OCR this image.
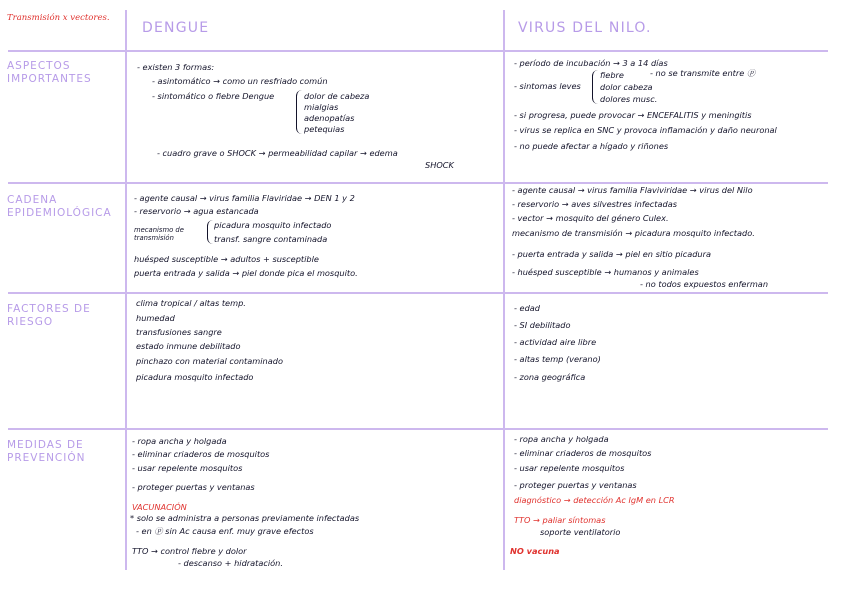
Transmisión x vectores.
DENGUE	VIRUS DEL NILO.
ASPECTOS IMPORTANTES
CADENA EPIDEMIOLÓGICA
FACTORES DE RIESGO
MEDIDAS DE PREVENCIÓN
- existen 3 formas:
- asintomático → como un resfriado común
- sintomático o fiebre Dengue	dolor de cabeza
mialgias
adenopatías
petequias
- cuadro grave o SHOCK → permeabilidad capilar → edema
SHOCK
- agente causal → virus familia Flaviridae → DEN 1 y 2
- reservorio → agua estancada
mecanismo de transmisión
picadura mosquito infectado
transf. sangre contaminada
huésped susceptible → adultos + susceptible
puerta entrada y salida → piel donde pica el mosquito.
clima tropical / altas temp.
humedad
transfusiones sangre
estado inmune debilitado
pinchazo con material contaminado
picadura mosquito infectado
- ropa ancha y holgada
- eliminar criaderos de mosquitos
- usar repelente mosquitos
- proteger puertas y ventanas
VACUNACIÓN
* solo se administra a personas previamente infectadas
- en ⓟ sin Ac causa enf. muy grave efectos
TTO → control fiebre y dolor
- descanso + hidratación.
- período de incubación → 3 a 14 días
- sintomas leves
fiebre
dolor cabeza
dolores musc.
- no se transmite entre ⓟ
- si progresa, puede provocar → ENCEFALITIS y meningitis
- virus se replica en SNC y provoca inflamación y daño neuronal
- no puede afectar a hígado y riñones
- agente causal → virus familia Flaviviridae → virus del Nilo
- reservorio → aves silvestres infectadas
- vector → mosquito del género Culex.
mecanismo de transmisión → picadura mosquito infectado.
- puerta entrada y salida → piel en sitio picadura
- huésped susceptible → humanos y animales
- no todos expuestos enferman
- edad
- SI debilitado
- actividad aire libre
- altas temp (verano)
- zona geográfica
- ropa ancha y holgada
- eliminar criaderos de mosquitos
- usar repelente mosquitos
- proteger puertas y ventanas
diagnóstico → detección Ac IgM en LCR
TTO → paliar síntomas
soporte ventilatorio
NO vacuna
